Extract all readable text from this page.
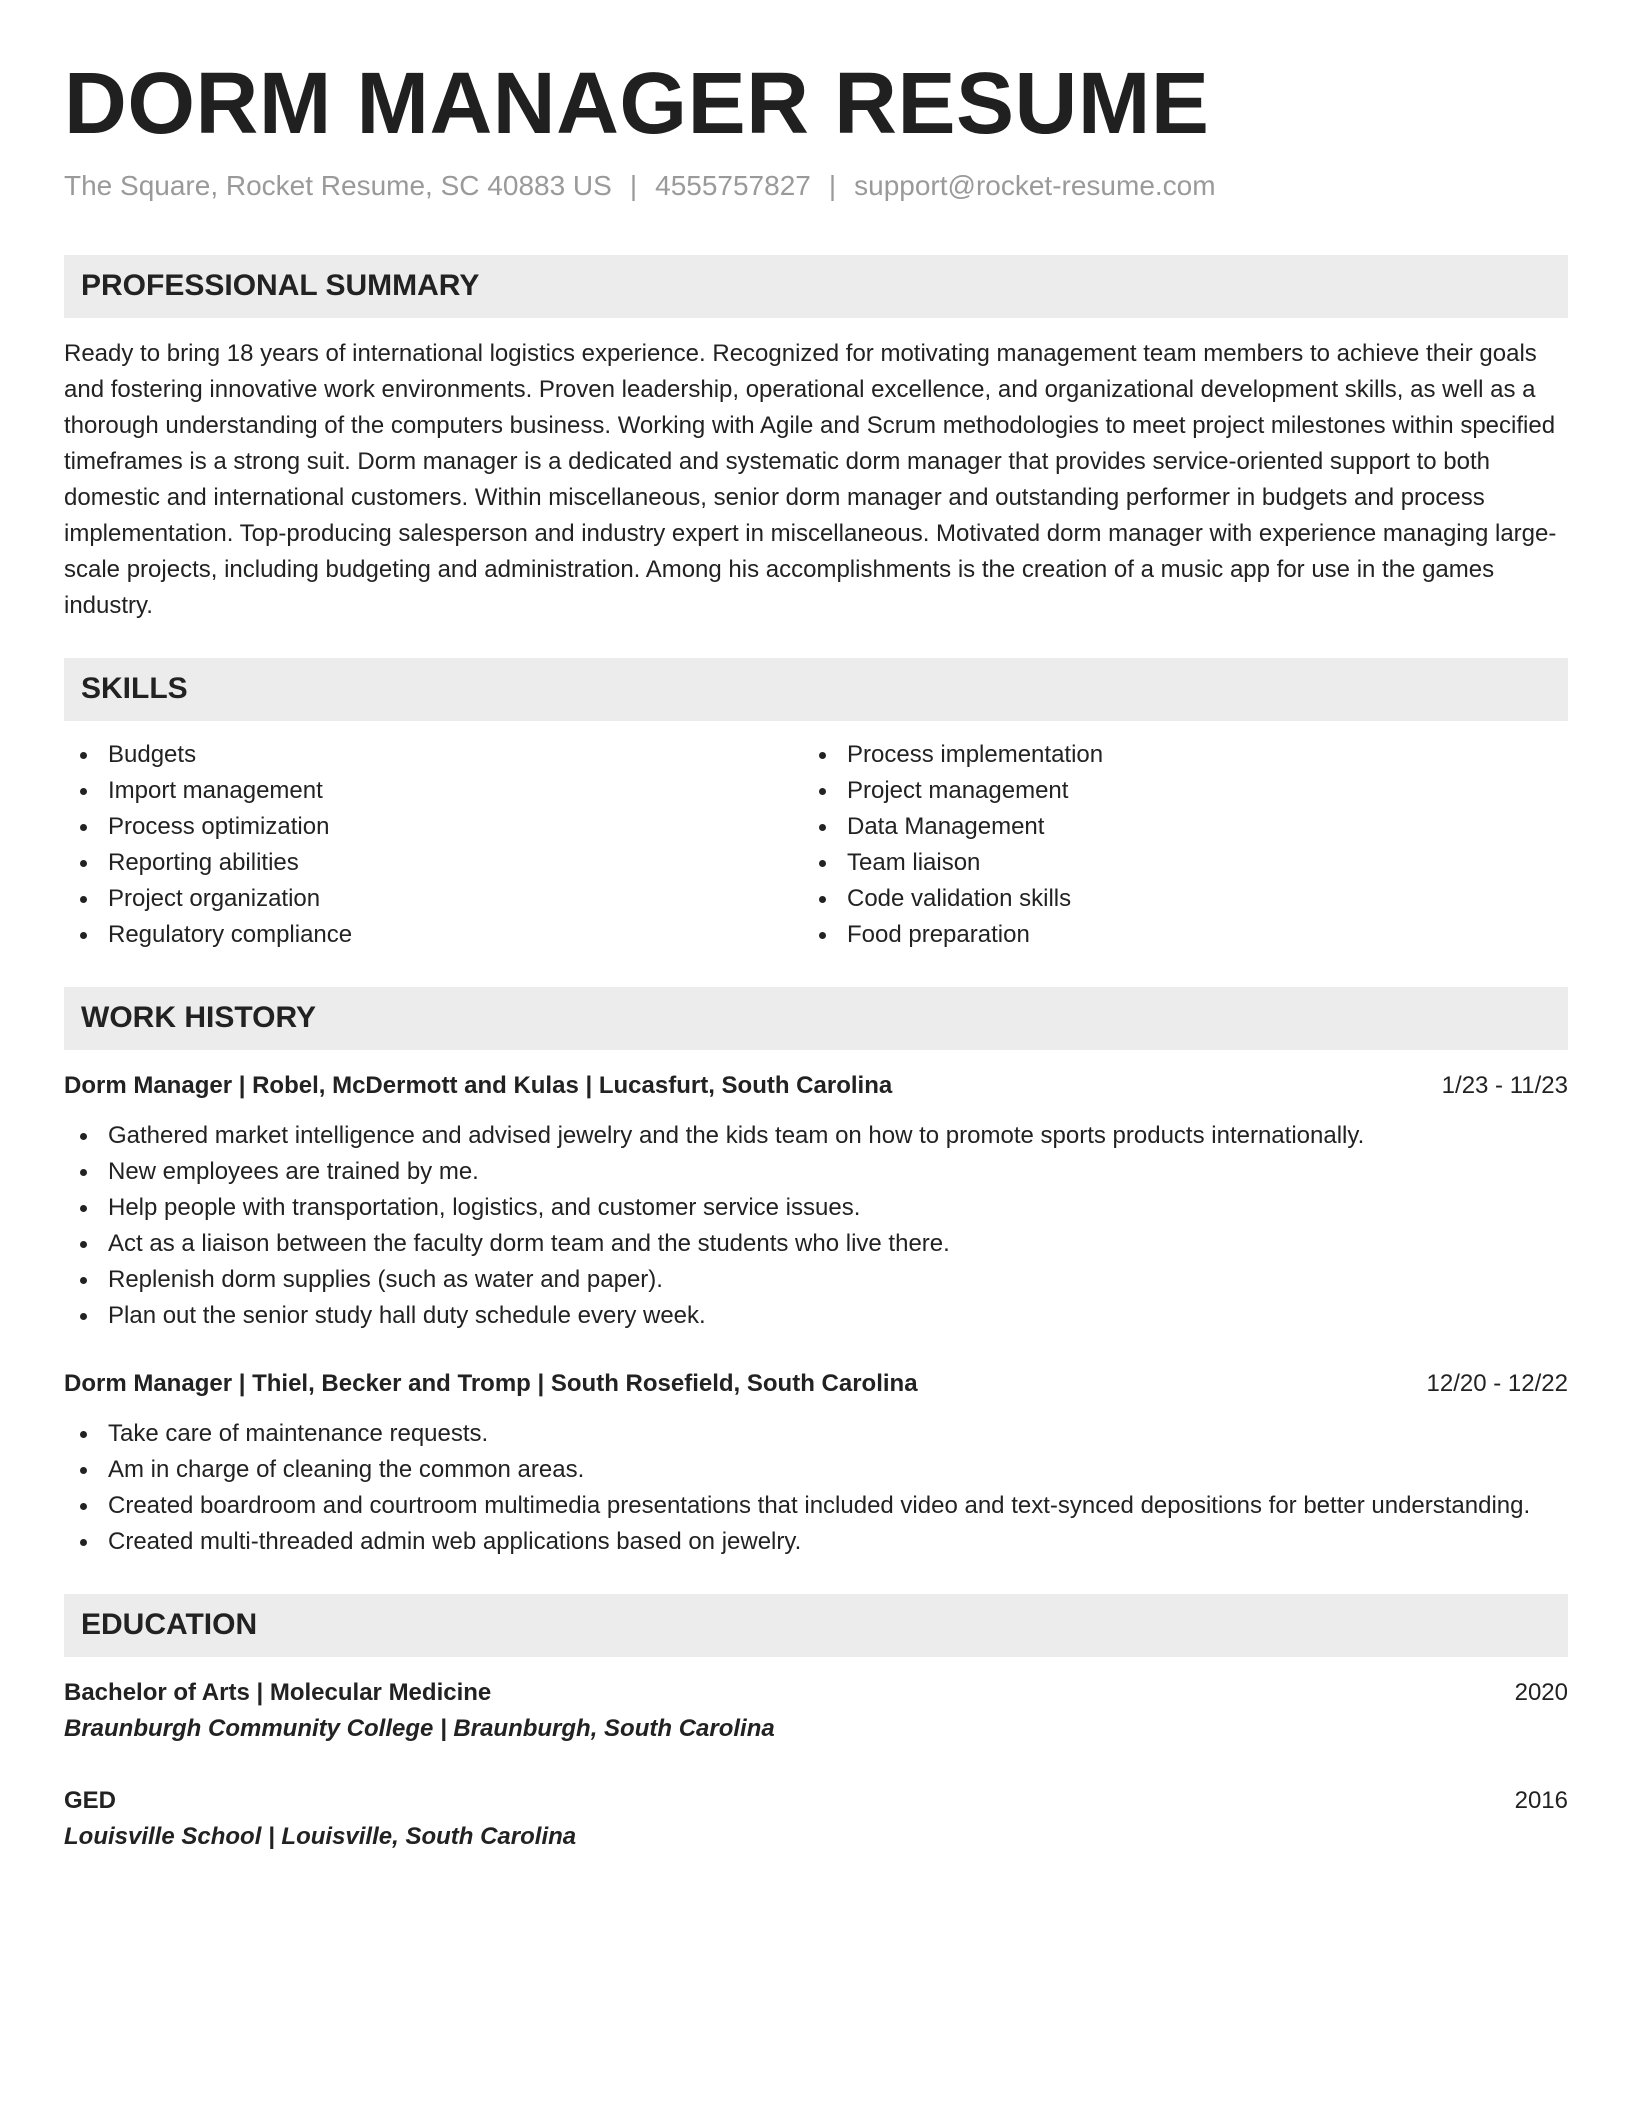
DORM MANAGER RESUME
The Square, Rocket Resume, SC 40883 US | 4555757827 | support@rocket-resume.com
PROFESSIONAL SUMMARY
Ready to bring 18 years of international logistics experience. Recognized for motivating management team members to achieve their goals and fostering innovative work environments. Proven leadership, operational excellence, and organizational development skills, as well as a thorough understanding of the computers business. Working with Agile and Scrum methodologies to meet project milestones within specified timeframes is a strong suit. Dorm manager is a dedicated and systematic dorm manager that provides service-oriented support to both domestic and international customers. Within miscellaneous, senior dorm manager and outstanding performer in budgets and process implementation. Top-producing salesperson and industry expert in miscellaneous. Motivated dorm manager with experience managing large-scale projects, including budgeting and administration. Among his accomplishments is the creation of a music app for use in the games industry.
SKILLS
Budgets
Import management
Process optimization
Reporting abilities
Project organization
Regulatory compliance
Process implementation
Project management
Data Management
Team liaison
Code validation skills
Food preparation
WORK HISTORY
Dorm Manager | Robel, McDermott and Kulas | Lucasfurt, South Carolina	1/23 - 11/23
Gathered market intelligence and advised jewelry and the kids team on how to promote sports products internationally.
New employees are trained by me.
Help people with transportation, logistics, and customer service issues.
Act as a liaison between the faculty dorm team and the students who live there.
Replenish dorm supplies (such as water and paper).
Plan out the senior study hall duty schedule every week.
Dorm Manager | Thiel, Becker and Tromp | South Rosefield, South Carolina	12/20 - 12/22
Take care of maintenance requests.
Am in charge of cleaning the common areas.
Created boardroom and courtroom multimedia presentations that included video and text-synced depositions for better understanding.
Created multi-threaded admin web applications based on jewelry.
EDUCATION
Bachelor of Arts | Molecular Medicine	2020
Braunburgh Community College | Braunburgh, South Carolina
GED	2016
Louisville School | Louisville, South Carolina
